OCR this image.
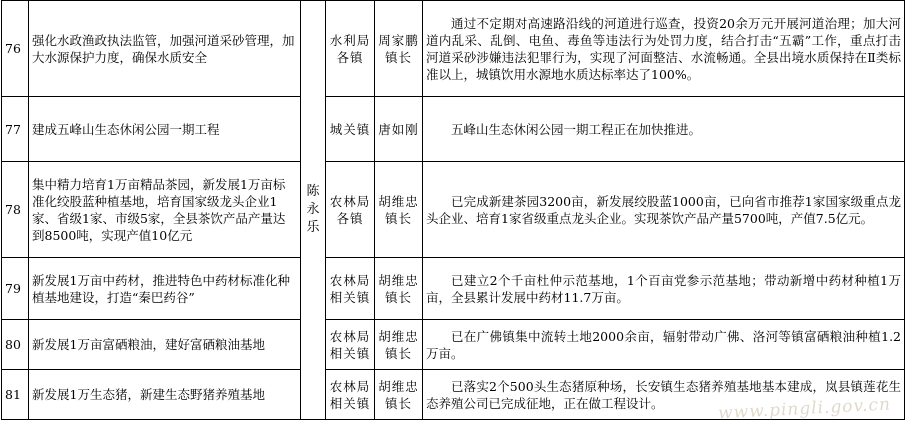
76	强化水政渔政执法监管，加强河道采砂管理，加大水源保护力度，确保水质安全	陈永乐	水利局各镇	周家鹏镇长	通过不定期对高速路沿线的河道进行巡查，投资20余万元开展河道治理；加大河道内乱采、乱倒、电鱼、毒鱼等违法行为处罚力度，结合打击“五霸”工作，重点打击河道采砂涉嫌违法犯罪行为，实现了河面整洁、水流畅通。全县出境水质保持在Ⅱ类标准以上，城镇饮用水源地水质达标率达了100%。
77	建成五峰山生态休闲公园一期工程		城关镇	唐如刚	五峰山生态休闲公园一期工程正在加快推进。
78	集中精力培育1万亩精品茶园，新发展1万亩标准化绞股蓝种植基地，培育国家级龙头企业1家、省级1家、市级5家，全县茶饮产品产量达到8500吨，实现产值10亿元		农林局各镇	胡维忠镇长	已完成新建茶园3200亩，新发展绞股蓝1000亩，已向省市推荐1家国家级重点龙头企业、培育1家省级重点龙头企业。实现茶饮产品产量5700吨，产值7.5亿元。
79	新发展1万亩中药材，推进特色中药材标准化种植基地建设，打造“秦巴药谷”		农林局相关镇	胡维忠镇长	已建立2个千亩杜仲示范基地，1个百亩党参示范基地；带动新增中药材种植1万亩，全县累计发展中药材11.7万亩。
80	新发展1万亩富硒粮油，建好富硒粮油基地		农林局相关镇	胡维忠镇长	已在广佛镇集中流转土地2000余亩，辐射带动广佛、洛河等镇富硒粮油种植1.2万亩。
81	新发展1万生态猪，新建生态野猪养殖基地		农林局相关镇	胡维忠镇长	已落实2个500头生态猪原种场，长安镇生态猪养殖基地基本建成，岚县镇莲花生态养殖公司已完成征地，正在做工程设计。	www.pingli.gov.cn
